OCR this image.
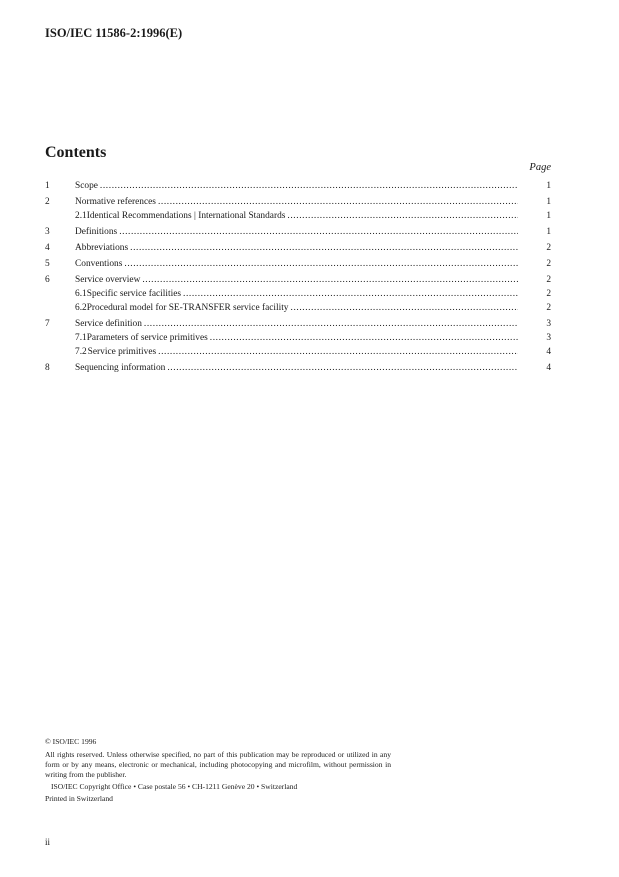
ISO/IEC 11586-2:1996(E)
Contents
Page
1	Scope .....	1
2	Normative references .....	1
2.1 Identical Recommendations | International Standards .....	1
3	Definitions .....	1
4	Abbreviations .....	2
5	Conventions .....	2
6	Service overview .....	2
6.1 Specific service facilities .....	2
6.2 Procedural model for SE-TRANSFER service facility .....	2
7	Service definition .....	3
7.1 Parameters of service primitives .....	3
7.2 Service primitives .....	4
8	Sequencing information .....	4
© ISO/IEC 1996
All rights reserved. Unless otherwise specified, no part of this publication may be reproduced or utilized in any form or by any means, electronic or mechanical, including photocopying and microfilm, without permission in writing from the publisher.
ISO/IEC Copyright Office • Case postale 56 • CH-1211 Genève 20 • Switzerland
Printed in Switzerland
ii
